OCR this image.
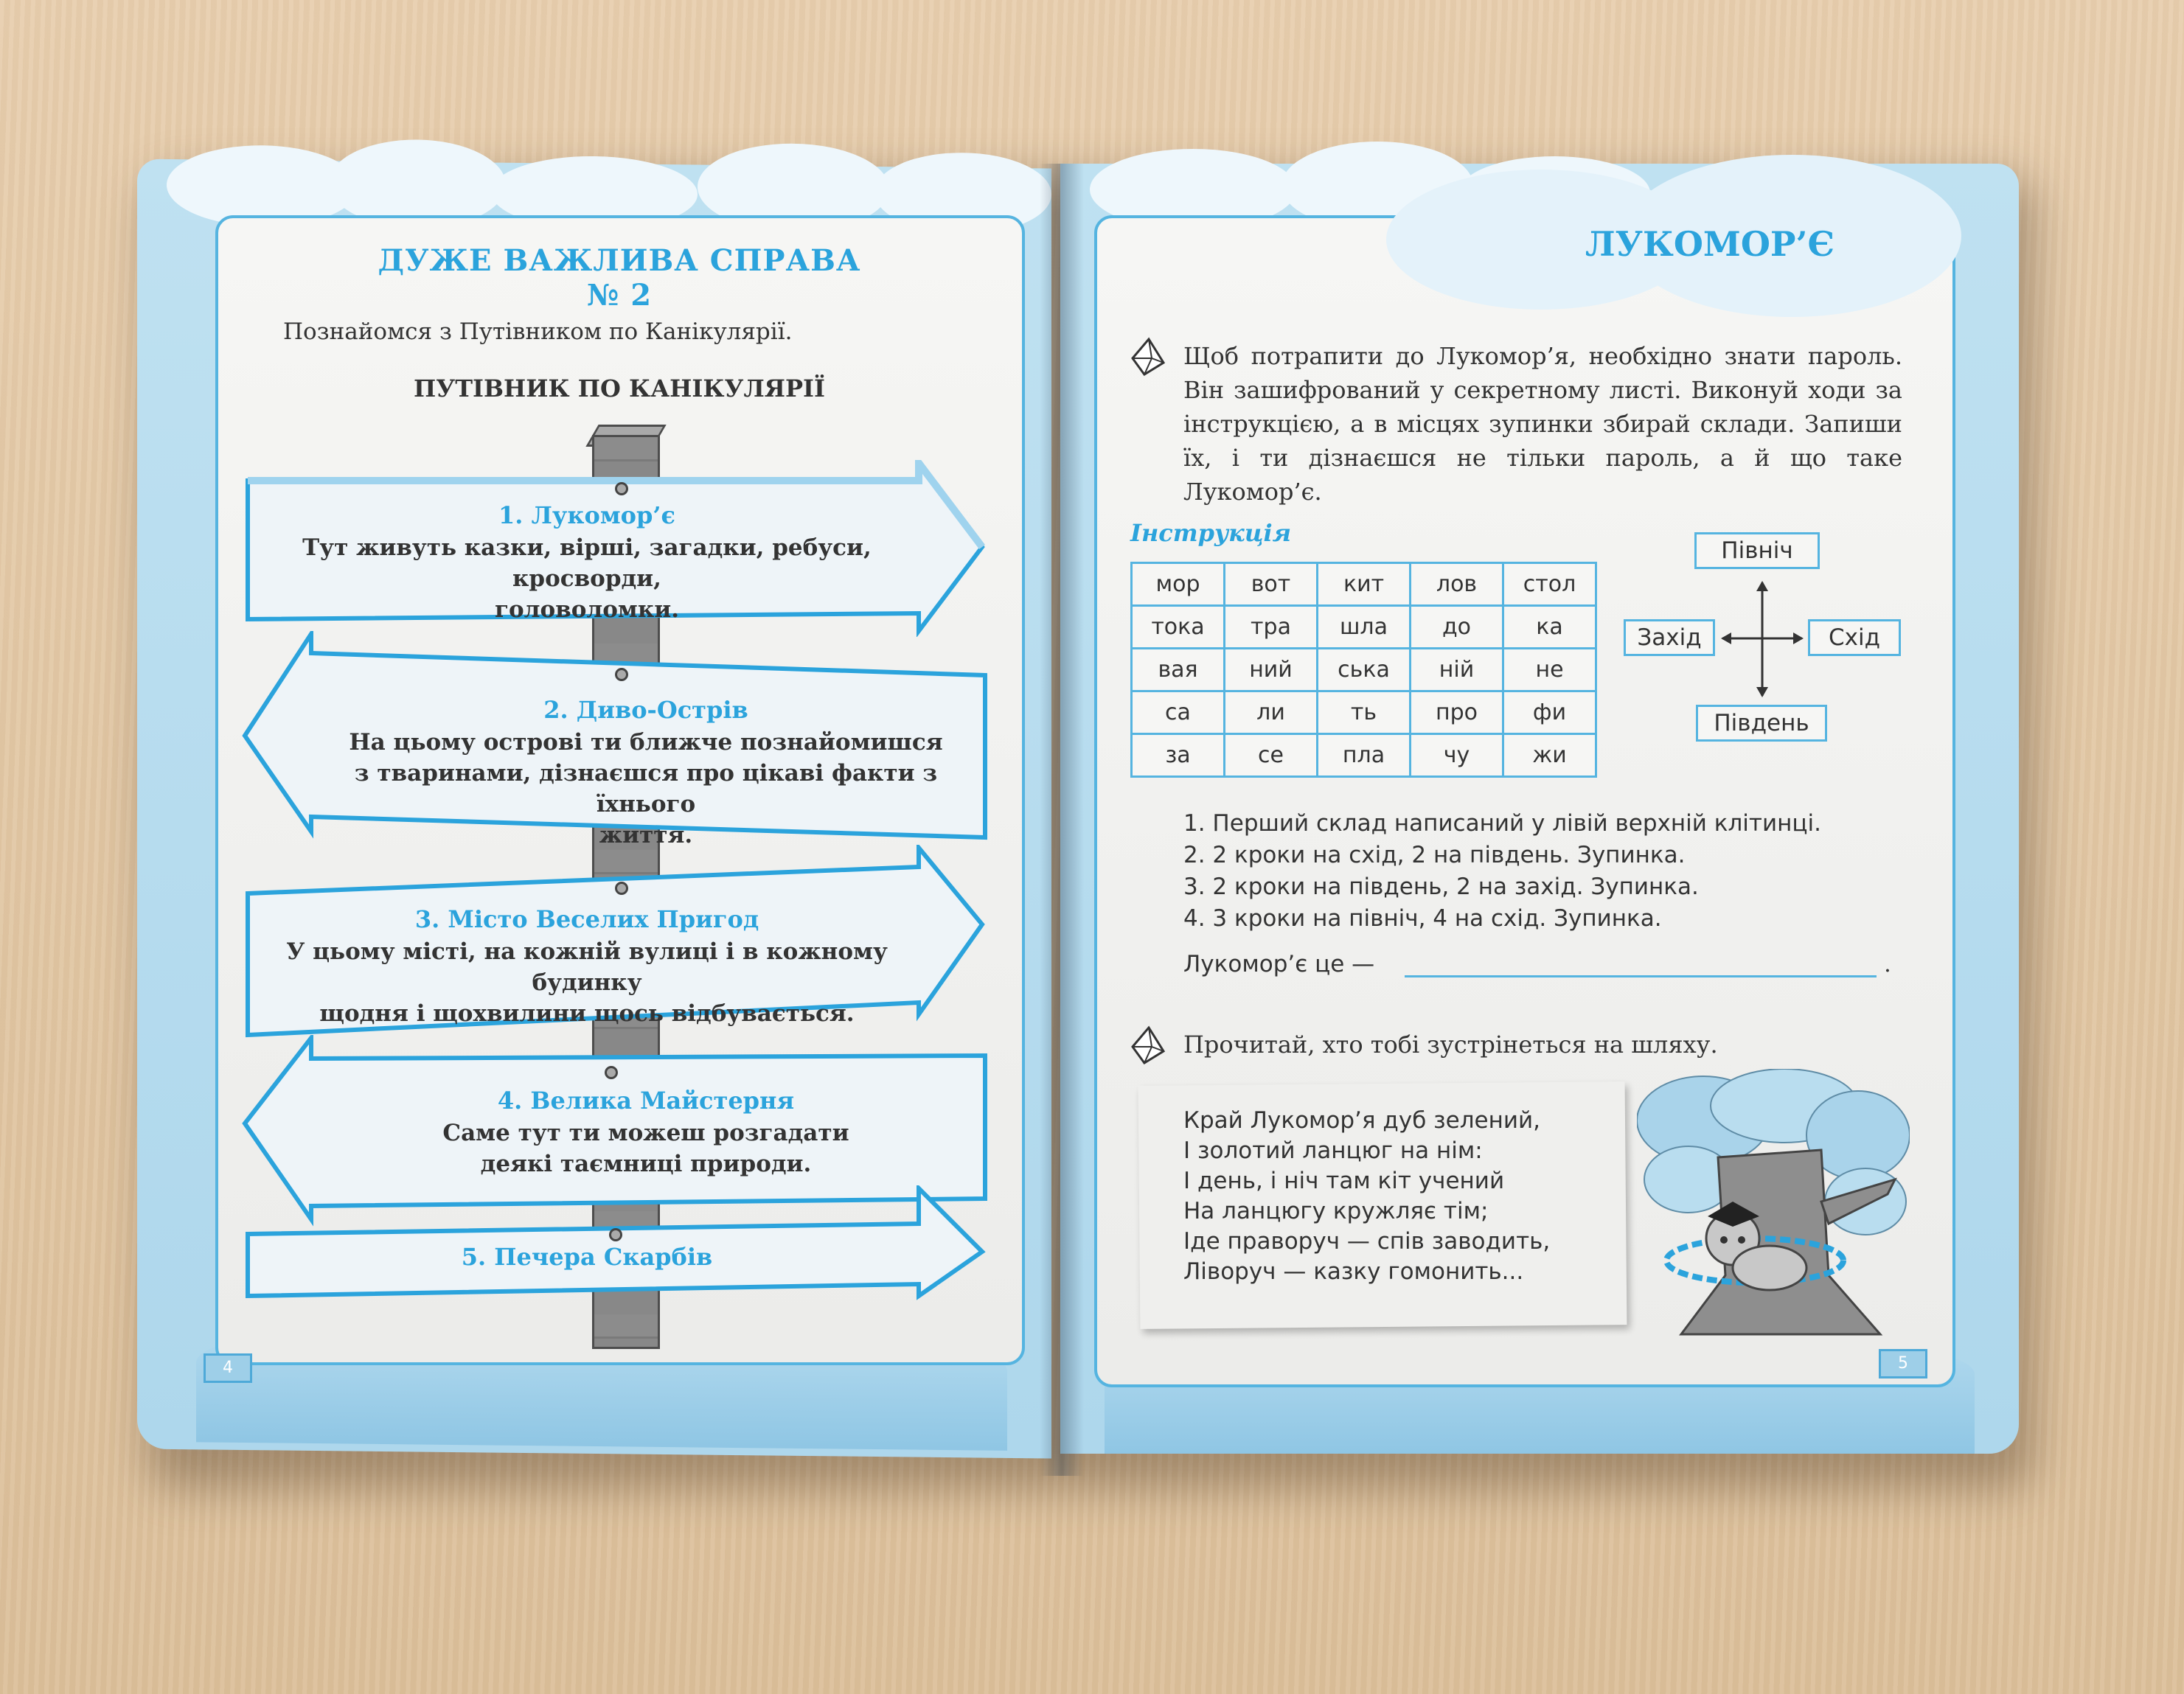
ДУЖЕ ВАЖЛИВА СПРАВА № 2
Познайомся з Путівником по Канікулярії.
ПУТІВНИК ПО КАНІКУЛЯРІЇ
1. Лукомор’є
Тут живуть казки, вірші, загадки, ребуси, кросворди,
головоломки.
2. Диво-Острів
На цьому острові ти ближче познайомишся
з тваринами, дізнаєшся про цікаві факти з їхнього
життя.
3. Місто Веселих Пригод
У цьому місті, на кожній вулиці і в кожному будинку
щодня і щохвилини щось відбувається.
4. Велика Майстерня
Саме тут ти можеш розгадати
деякі таємниці природи.
5. Печера Скарбів
4
ЛУКОМОР’Є
Щоб потрапити до Лукомор’я, необхідно знати пароль. Він зашифрований у секретному листі. Виконуй ходи за інструкцією, а в місцях зупинки збирай склади. Запиши їх, і ти дізнаєшся не тільки пароль, а й що таке Лукомор’є.
Інструкція
мор	вот	кит	лов	стол
тока	тра	шла	до	ка
вая	ний	ська	ній	не
са	ли	ть	про	фи
за	се	пла	чу	жи
Північ
Південь
Захід	Схід
1. Перший склад написаний у лівій верхній клітинці.
2. 2 кроки на схід, 2 на південь. Зупинка.
3. 2 кроки на південь, 2 на захід. Зупинка.
4. 3 кроки на північ, 4 на схід. Зупинка.
Лукомор’є це —	.
Прочитай, хто тобі зустрінеться на шляху.
Край Лукомор’я дуб зелений,
І золотий ланцюг на нім:
І день, і ніч там кіт учений
На ланцюгу кружляє тім;
Іде праворуч — спів заводить,
Ліворуч — казку гомонить...
5
